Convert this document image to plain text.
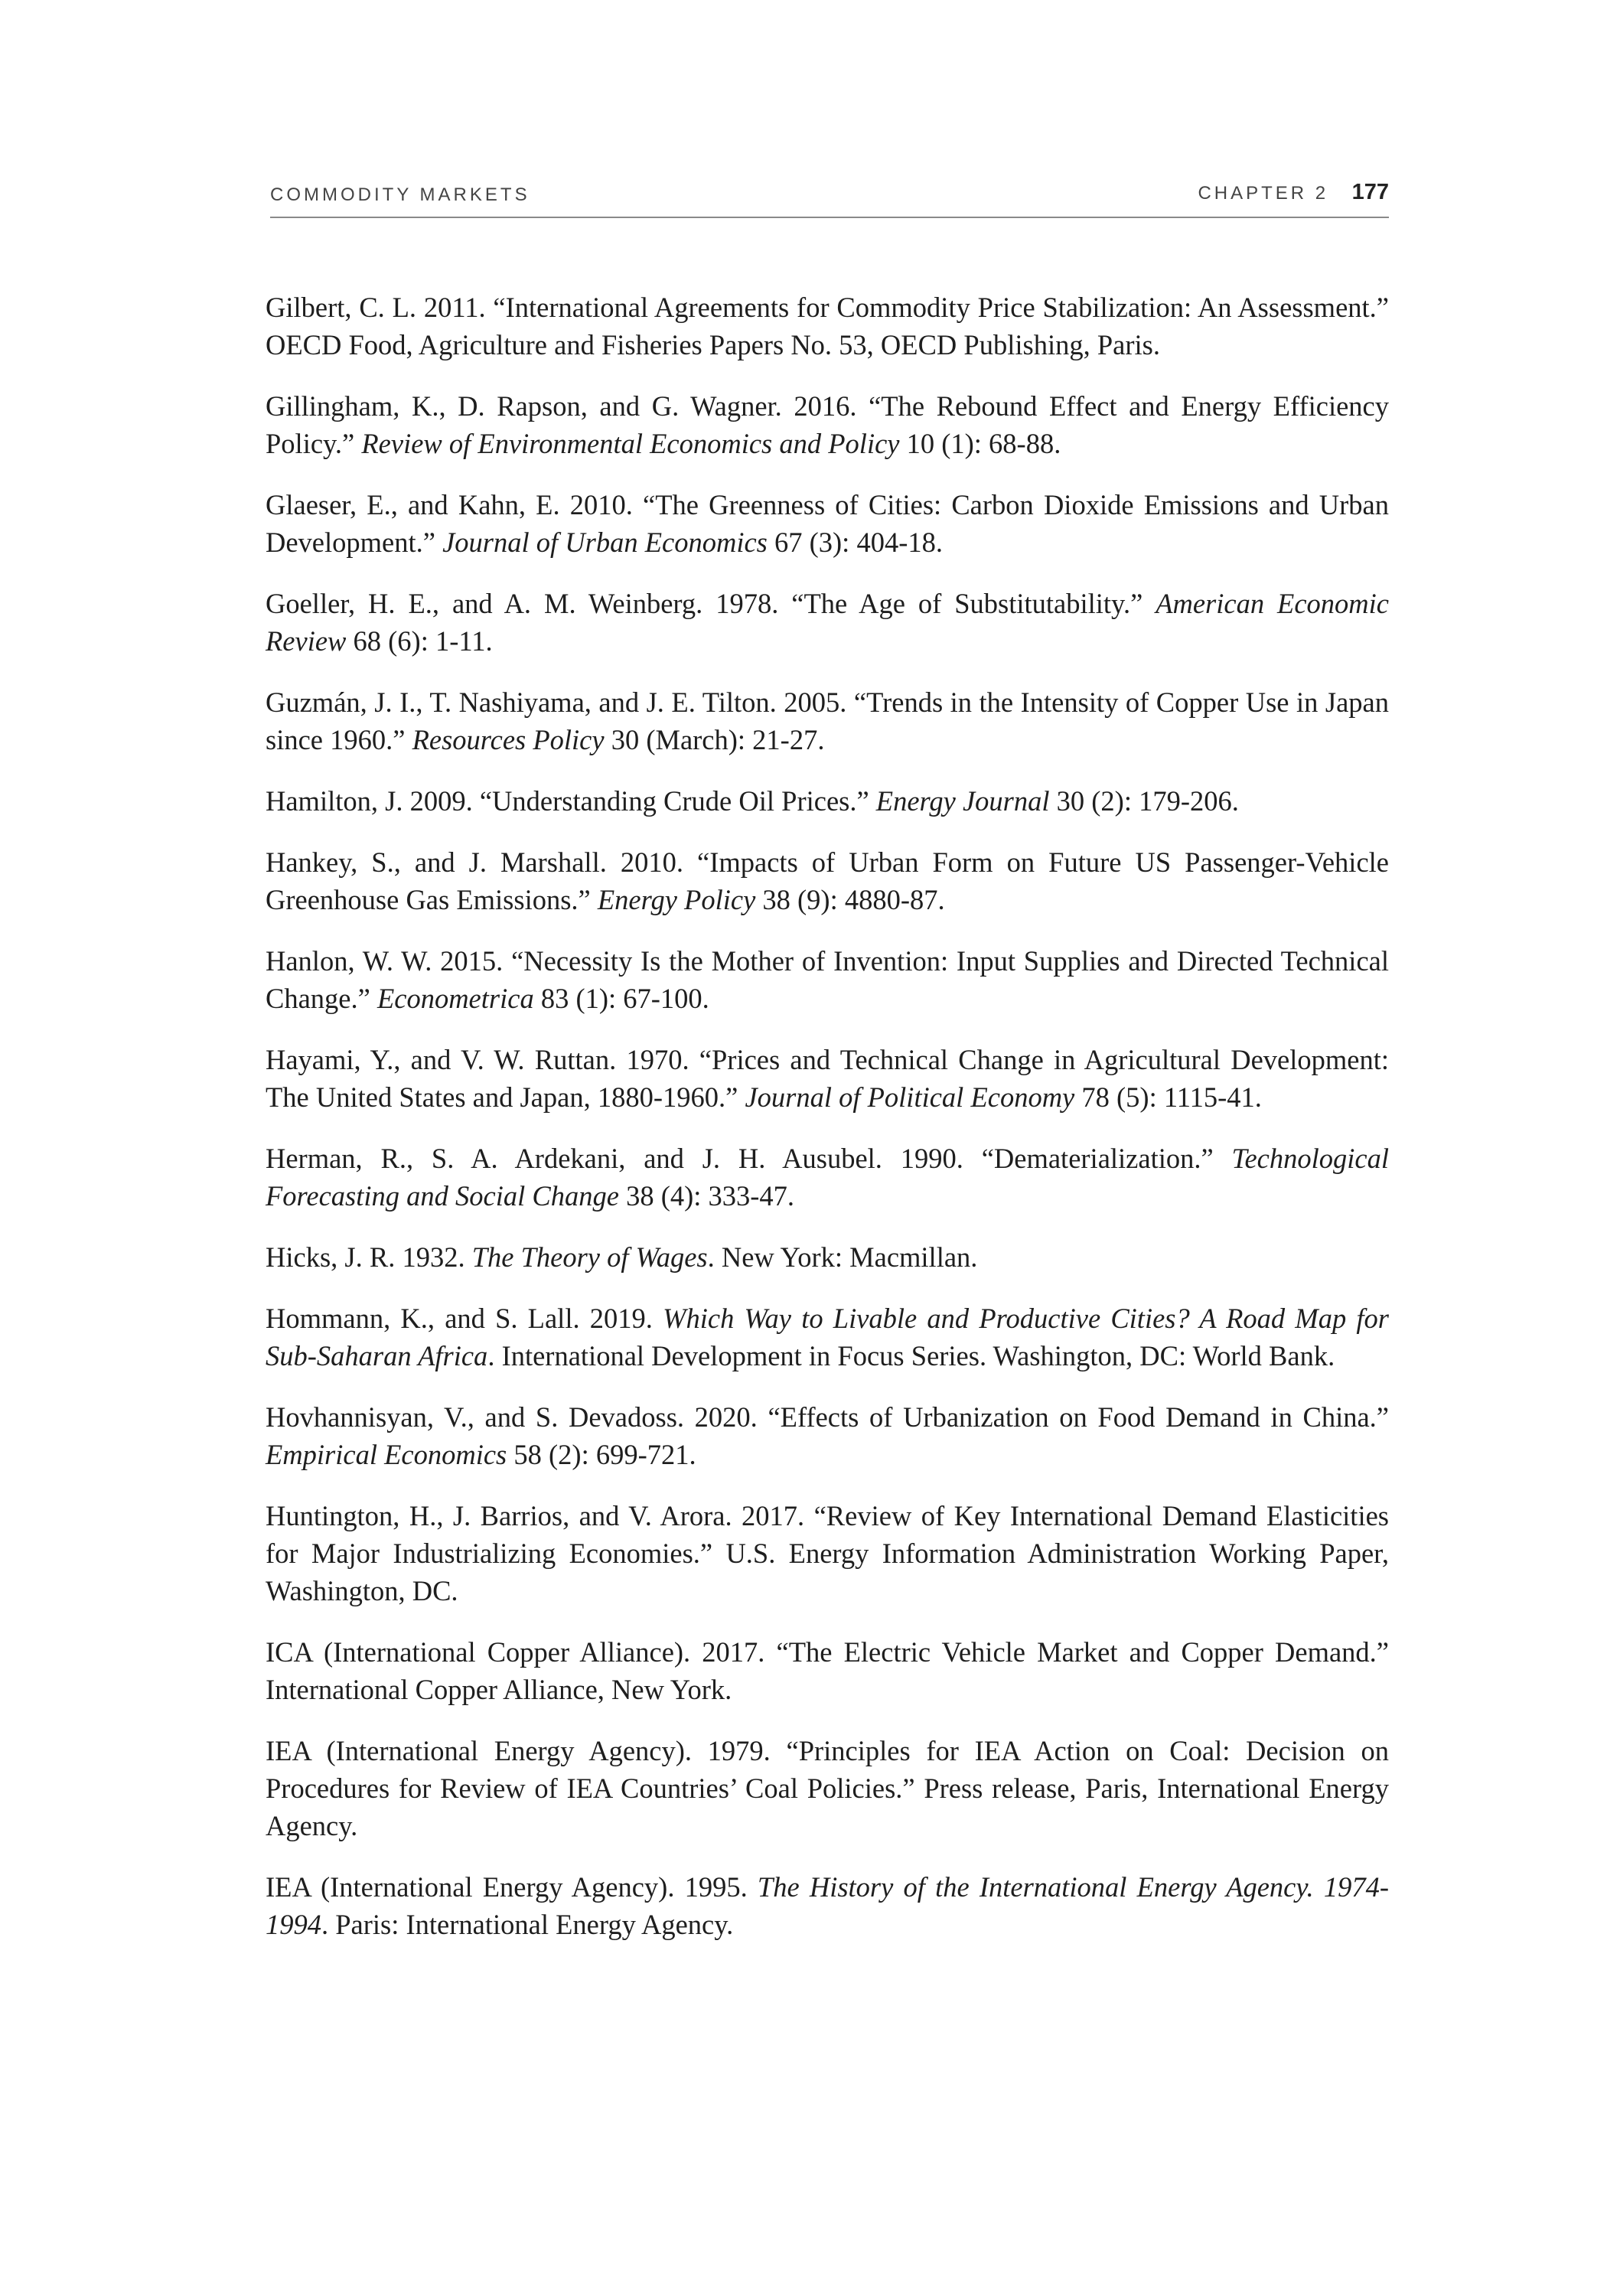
COMMODITY MARKETS	CHAPTER 2 177

Gilbert, C. L. 2011. “International Agreements for Commodity Price Stabilization: An Assessment.” OECD Food, Agriculture and Fisheries Papers No. 53, OECD Publishing, Paris.

Gillingham, K., D. Rapson, and G. Wagner. 2016. “The Rebound Effect and Energy Efficiency Policy.” Review of Environmental Economics and Policy 10 (1): 68-88.

Glaeser, E., and Kahn, E. 2010. “The Greenness of Cities: Carbon Dioxide Emissions and Urban Development.” Journal of Urban Economics 67 (3): 404-18.

Goeller, H. E., and A. M. Weinberg. 1978. “The Age of Substitutability.” American Economic Review 68 (6): 1-11.

Guzmán, J. I., T. Nashiyama, and J. E. Tilton. 2005. “Trends in the Intensity of Copper Use in Japan since 1960.” Resources Policy 30 (March): 21-27.

Hamilton, J. 2009. “Understanding Crude Oil Prices.” Energy Journal 30 (2): 179-206.

Hankey, S., and J. Marshall. 2010. “Impacts of Urban Form on Future US Passenger-Vehicle Greenhouse Gas Emissions.” Energy Policy 38 (9): 4880-87.

Hanlon, W. W. 2015. “Necessity Is the Mother of Invention: Input Supplies and Directed Technical Change.” Econometrica 83 (1): 67-100.

Hayami, Y., and V. W. Ruttan. 1970. “Prices and Technical Change in Agricultural Development: The United States and Japan, 1880-1960.” Journal of Political Economy 78 (5): 1115-41.

Herman, R., S. A. Ardekani, and J. H. Ausubel. 1990. “Dematerialization.” Technological Forecasting and Social Change 38 (4): 333-47.

Hicks, J. R. 1932. The Theory of Wages. New York: Macmillan.

Hommann, K., and S. Lall. 2019. Which Way to Livable and Productive Cities? A Road Map for Sub-Saharan Africa. International Development in Focus Series. Washington, DC: World Bank.

Hovhannisyan, V., and S. Devadoss. 2020. “Effects of Urbanization on Food Demand in China.” Empirical Economics 58 (2): 699-721.

Huntington, H., J. Barrios, and V. Arora. 2017. “Review of Key International Demand Elasticities for Major Industrializing Economies.” U.S. Energy Information Administration Working Paper, Washington, DC.

ICA (International Copper Alliance). 2017. “The Electric Vehicle Market and Copper Demand.” International Copper Alliance, New York.

IEA (International Energy Agency). 1979. “Principles for IEA Action on Coal: Decision on Procedures for Review of IEA Countries’ Coal Policies.” Press release, Paris, International Energy Agency.

IEA (International Energy Agency). 1995. The History of the International Energy Agency. 1974-1994. Paris: International Energy Agency.
